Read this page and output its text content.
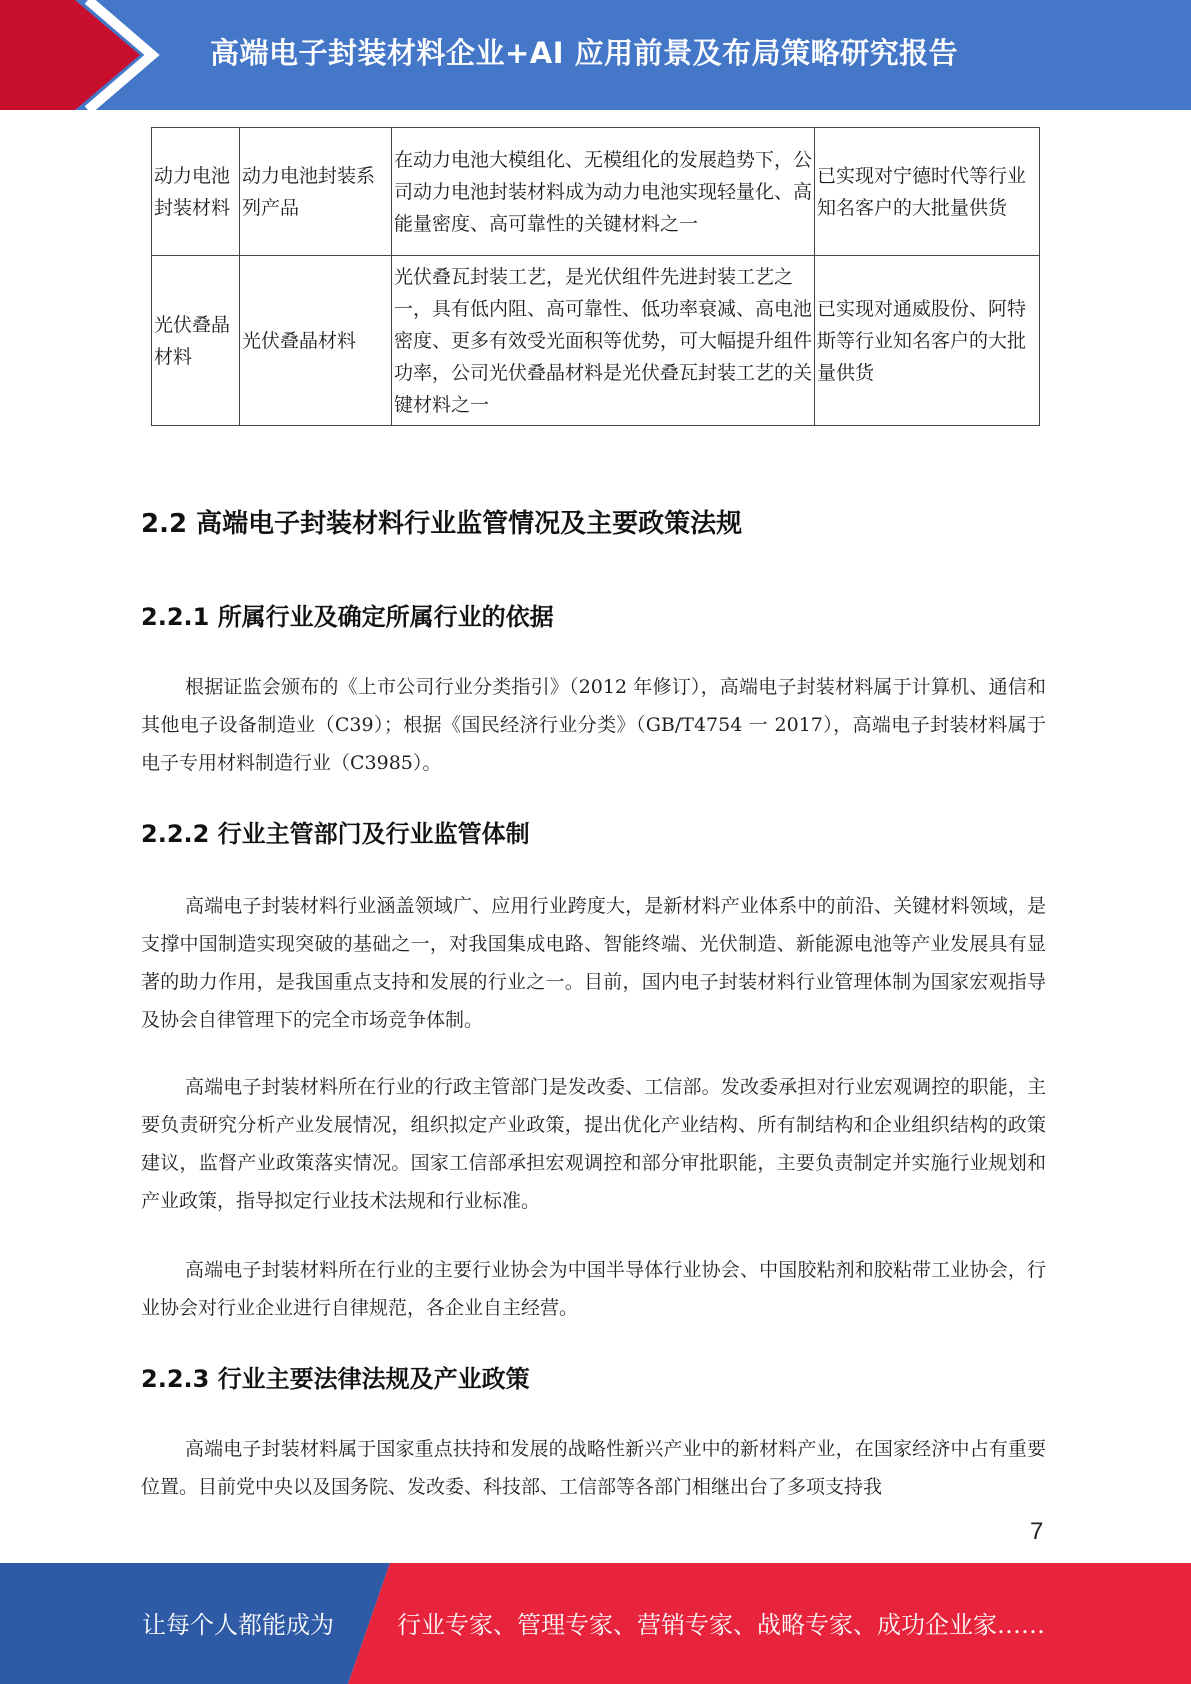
高端电子封装材料企业+AI 应用前景及布局策略研究报告
动力电池封装材料	动力电池封装系列产品	在动力电池大模组化、无模组化的发展趋势下，公司动力电池封装材料成为动力电池实现轻量化、高能量密度、高可靠性的关键材料之一	已实现对宁德时代等行业知名客户的大批量供货
光伏叠晶材料	光伏叠晶材料	光伏叠瓦封装工艺，是光伏组件先进封装工艺之一，具有低内阻、高可靠性、低功率衰减、高电池密度、更多有效受光面积等优势，可大幅提升组件功率，公司光伏叠晶材料是光伏叠瓦封装工艺的关键材料之一	已实现对通威股份、阿特斯等行业知名客户的大批量供货
2.2 高端电子封装材料行业监管情况及主要政策法规
2.2.1 所属行业及确定所属行业的依据

根据证监会颁布的《上市公司行业分类指引》（2012 年修订），高端电子封装材料属于计算机、通信和其他电子设备制造业（C39）；根据《国民经济行业分类》（GB/T4754 一 2017），高端电子封装材料属于电子专用材料制造行业（C3985）。

2.2.2 行业主管部门及行业监管体制

高端电子封装材料行业涵盖领域广、应用行业跨度大，是新材料产业体系中的前沿、关键材料领域，是支撑中国制造实现突破的基础之一，对我国集成电路、智能终端、光伏制造、新能源电池等产业发展具有显著的助力作用，是我国重点支持和发展的行业之一。目前，国内电子封装材料行业管理体制为国家宏观指导及协会自律管理下的完全市场竞争体制。

高端电子封装材料所在行业的行政主管部门是发改委、工信部。发改委承担对行业宏观调控的职能，主要负责研究分析产业发展情况，组织拟定产业政策，提出优化产业结构、所有制结构和企业组织结构的政策建议，监督产业政策落实情况。国家工信部承担宏观调控和部分审批职能，主要负责制定并实施行业规划和产业政策，指导拟定行业技术法规和行业标准。

高端电子封装材料所在行业的主要行业协会为中国半导体行业协会、中国胶粘剂和胶粘带工业协会，行业协会对行业企业进行自律规范，各企业自主经营。

2.2.3 行业主要法律法规及产业政策

高端电子封装材料属于国家重点扶持和发展的战略性新兴产业中的新材料产业，在国家经济中占有重要位置。目前党中央以及国务院、发改委、科技部、工信部等各部门相继出台了多项支持我

7
让每个人都能成为	行业专家、管理专家、营销专家、战略专家、成功企业家……
